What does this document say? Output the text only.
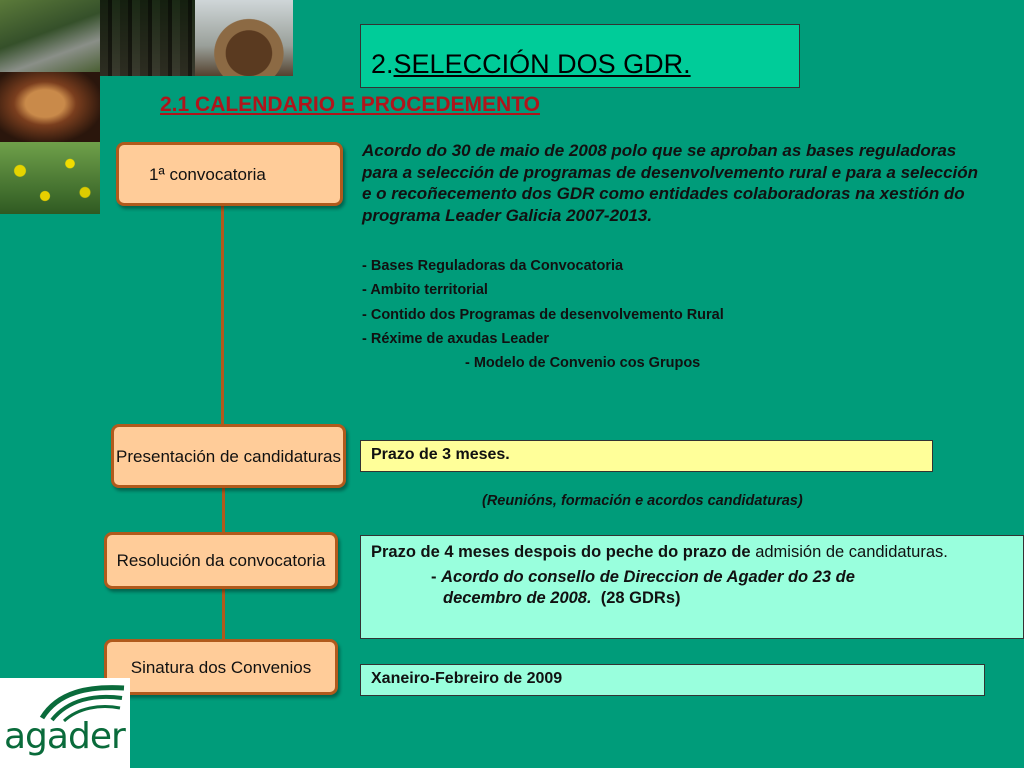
2.SELECCIÓN DOS GDR.
2.1 CALENDARIO E PROCEDEMENTO
1ª convocatoria
Presentación de candidaturas
Resolución da convocatoria
Sinatura dos Convenios
Acordo do 30 de maio de 2008 polo que se aproban as bases reguladoras para a selección de programas de desenvolvemento rural e para a selección e o recoñecemento dos GDR como entidades colaboradoras na xestión do programa Leader Galicia 2007-2013.
- Bases Reguladoras da Convocatoria
- Ambito territorial
- Contido dos Programas de desenvolvemento Rural
- Réxime de axudas Leader
- Modelo de Convenio cos Grupos
Prazo de 3 meses.
(Reunións, formación e acordos candidaturas)
Prazo de 4 meses despois do peche do prazo de admisión de candidaturas.
- Acordo do consello de Direccion de Agader do 23 de
decembro de 2008.  (28 GDRs)
Xaneiro-Febreiro de 2009
agader
